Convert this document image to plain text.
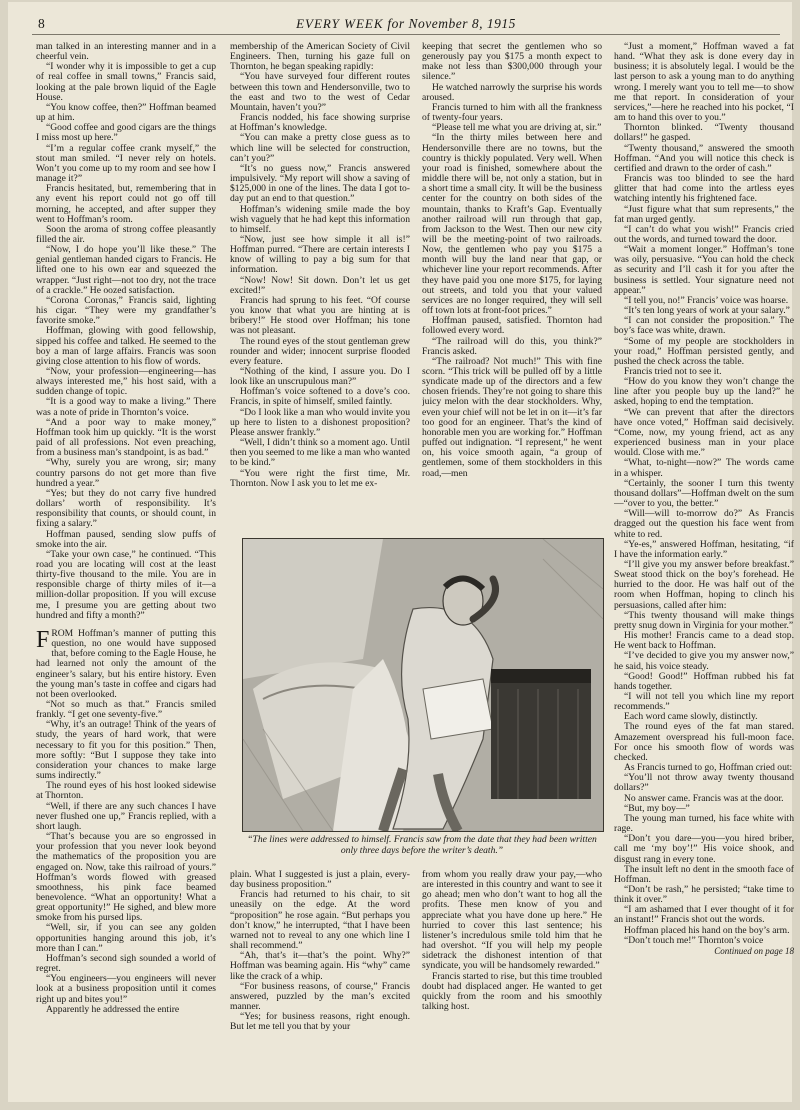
8	EVERY WEEK for November 8, 1915

man talked in an interesting manner and in a cheerful vein.

“I wonder why it is impossible to get a cup of real coffee in small towns,” Francis said, looking at the pale brown liquid of the Eagle House.

“You know coffee, then?” Hoffman beamed up at him.

“Good coffee and good cigars are the things I miss most up here.”

“I’m a regular coffee crank myself,” the stout man smiled. “I never rely on hotels. Won’t you come up to my room and see how I manage it?”

Francis hesitated, but, remembering that in any event his report could not go off till morning, he accepted, and after supper they went to Hoffman’s room.

Soon the aroma of strong coffee pleasantly filled the air.

“Now, I do hope you’ll like these.” The genial gentleman handed cigars to Francis. He lifted one to his own ear and squeezed the wrapper. “Just right—not too dry, not the trace of a crackle.” He oozed satisfaction.

“Corona Coronas,” Francis said, lighting his cigar. “They were my grandfather’s favorite smoke.”

Hoffman, glowing with good fellowship, sipped his coffee and talked. He seemed to the boy a man of large affairs. Francis was soon giving close attention to his flow of words.

“Now, your profession—engineering—has always interested me,” his host said, with a sudden change of topic.

“It is a good way to make a living.” There was a note of pride in Thornton’s voice.

“And a poor way to make money,” Hoffman took him up quickly. “It is the worst paid of all professions. Not even preaching, from a business man’s standpoint, is as bad.”

“Why, surely you are wrong, sir; many country parsons do not get more than five hundred a year.”

“Yes; but they do not carry five hundred dollars’ worth of responsibility. It’s responsibility that counts, or should count, in fixing a salary.”

Hoffman paused, sending slow puffs of smoke into the air.

“Take your own case,” he continued. “This road you are locating will cost at the least thirty-five thousand to the mile. You are in responsible charge of thirty miles of it—a million-dollar proposition. If you will excuse me, I presume you are getting about two hundred and fifty a month?”

FROM Hoffman’s manner of putting this question, no one would have supposed that, before coming to the Eagle House, he had learned not only the amount of the engineer’s salary, but his entire history. Even the young man’s taste in coffee and cigars had not been overlooked.

“Not so much as that.” Francis smiled frankly. “I get one seventy-five.”

“Why, it’s an outrage! Think of the years of study, the years of hard work, that were necessary to fit you for this position.” Then, more softly: “But I suppose they take into consideration your chances to make large sums indirectly.”

The round eyes of his host looked sidewise at Thornton.

“Well, if there are any such chances I have never flushed one up,” Francis replied, with a short laugh.

“That’s because you are so engrossed in your profession that you never look beyond the mathematics of the proposition you are engaged on. Now, take this railroad of yours.” Hoffman’s words flowed with greased smoothness, his pink face beamed benevolence. “What an opportunity! What a great opportunity!” He sighed, and blew more smoke from his pursed lips.

“Well, sir, if you can see any golden opportunities hanging around this job, it’s more than I can.”

Hoffman’s second sigh sounded a world of regret.

“You engineers—you engineers will never look at a business proposition until it comes right up and bites you!”

Apparently he addressed the entire

membership of the American Society of Civil Engineers. Then, turning his gaze full on Thornton, he began speaking rapidly:

“You have surveyed four different routes between this town and Hendersonville, two to the east and two to the west of Cedar Mountain, haven’t you?”

Francis nodded, his face showing surprise at Hoffman’s knowledge.

“You can make a pretty close guess as to which line will be selected for construction, can’t you?”

“It’s no guess now,” Francis answered impulsively. “My report will show a saving of $125,000 in one of the lines. The data I got to-day put an end to that question.”

Hoffman’s widening smile made the boy wish vaguely that he had kept this information to himself.

“Now, just see how simple it all is!” Hoffman purred. “There are certain interests I know of willing to pay a big sum for that information.

“Now! Now! Sit down. Don’t let us get excited!”

Francis had sprung to his feet. “Of course you know that what you are hinting at is bribery!” He stood over Hoffman; his tone was not pleasant.

The round eyes of the stout gentleman grew rounder and wider; innocent surprise flooded every feature.

“Nothing of the kind, I assure you. Do I look like an unscrupulous man?”

Hoffman’s voice softened to a dove’s coo. Francis, in spite of himself, smiled faintly.

“Do I look like a man who would invite you up here to listen to a dishonest proposition? Please answer frankly.”

“Well, I didn’t think so a moment ago. Until then you seemed to me like a man who wanted to be kind.”

“You were right the first time, Mr. Thornton. Now I ask you to let me ex-

keeping that secret the gentlemen who so generously pay you $175 a month expect to make not less than $300,000 through your silence.”

He watched narrowly the surprise his words aroused.

Francis turned to him with all the frankness of twenty-four years.

“Please tell me what you are driving at, sir.”

“In the thirty miles between here and Hendersonville there are no towns, but the country is thickly populated. Very well. When your road is finished, somewhere about the middle there will be, not only a station, but in a short time a small city. It will be the business center for the country on both sides of the mountain, thanks to Kraft’s Gap. Eventually another railroad will run through that gap, from Jackson to the West. Then our new city will be the meeting-point of two railroads. Now, the gentlemen who pay you $175 a month will buy the land near that gap, or whichever line your report recommends. After they have paid you one more $175, for laying out streets, and told you that your valued services are no longer required, they will sell off town lots at front-foot prices.”

Hoffman paused, satisfied. Thornton had followed every word.

“The railroad will do this, you think?” Francis asked.

“The railroad? Not much!” This with fine scorn. “This trick will be pulled off by a little syndicate made up of the directors and a few chosen friends. They’re not going to share this juicy melon with the dear stockholders. Why, even your chief will not be let in on it—it’s far too good for an engineer. That’s the kind of honorable men you are working for.” Hoffman puffed out indignation. “I represent,” he went on, his voice smooth again, “a group of gentlemen, some of them stockholders in this road,—men

“Just a moment,” Hoffman waved a fat hand. “What they ask is done every day in business; it is absolutely legal. I would be the last person to ask a young man to do anything wrong. I merely want you to tell me—to show me that report. In consideration of your services,”—here he reached into his pocket, “I am to hand this over to you.”

Thornton blinked. “Twenty thousand dollars!” he gasped.

“Twenty thousand,” answered the smooth Hoffman. “And you will notice this check is certified and drawn to the order of cash.”

Francis was too blinded to see the hard glitter that had come into the artless eyes watching intently his frightened face.

“Just figure what that sum represents,” the fat man urged gently.

“I can’t do what you wish!” Francis cried out the words, and turned toward the door.

“Wait a moment longer.” Hoffman’s tone was oily, persuasive. “You can hold the check as security and I’ll cash it for you after the business is settled. Your signature need not appear.”

“I tell you, no!” Francis’ voice was hoarse.

“It’s ten long years of work at your salary.”

“I can not consider the proposition.” The boy’s face was white, drawn.

“Some of my people are stockholders in your road,” Hoffman persisted gently, and pushed the check across the table.

Francis tried not to see it.

“How do you know they won’t change the line after you people buy up the land?” he asked, hoping to end the temptation.

“We can prevent that after the directors have once voted,” Hoffman said decisively. “Come, now, my young friend, act as any experienced business man in your place would. Close with me.”

“What, to-night—now?” The words came in a whisper.

“Certainly, the sooner I turn this twenty thousand dollars”—Hoffman dwelt on the sum—“over to you, the better.”

“Will—will to-morrow do?” As Francis dragged out the question his face went from white to red.

“Ye-es,” answered Hoffman, hesitating, “if I have the information early.”

“I’ll give you my answer before breakfast.” Sweat stood thick on the boy’s forehead. He hurried to the door. He was half out of the room when Hoffman, hoping to clinch his persuasions, called after him:

“This twenty thousand will make things pretty snug down in Virginia for your mother.”

His mother! Francis came to a dead stop. He went back to Hoffman.

“I’ve decided to give you my answer now,” he said, his voice steady.

“Good! Good!” Hoffman rubbed his fat hands together.

“I will not tell you which line my report recommends.”

Each word came slowly, distinctly.

The round eyes of the fat man stared. Amazement overspread his full-moon face. For once his smooth flow of words was checked.

As Francis turned to go, Hoffman cried out:

“You’ll not throw away twenty thousand dollars?”

No answer came. Francis was at the door.

“But, my boy—”

The young man turned, his face white with rage.

“Don’t you dare—you—you hired briber, call me ‘my boy’!” His voice shook, and disgust rang in every tone.

The insult left no dent in the smooth face of Hoffman.

“Don’t be rash,” he persisted; “take time to think it over.”

“I am ashamed that I ever thought of it for an instant!” Francis shot out the words.

Hoffman placed his hand on the boy’s arm.

“Don’t touch me!” Thornton’s voice

Continued on page 18

“The lines were addressed to himself. Francis saw from the date that they had been written only three days before the writer’s death.”

plain. What I suggested is just a plain, every-day business proposition.”

Francis had returned to his chair, to sit uneasily on the edge. At the word “proposition” he rose again. “But perhaps you don’t know,” he interrupted, “that I have been warned not to reveal to any one which line I shall recommend.”

“Ah, that’s it—that’s the point. Why?” Hoffman was beaming again. His “why” came like the crack of a whip.

“For business reasons, of course,” Francis answered, puzzled by the man’s excited manner.

“Yes; for business reasons, right enough. But let me tell you that by your

from whom you really draw your pay,—who are interested in this country and want to see it go ahead; men who don’t want to hog all the profits. These men know of you and appreciate what you have done up here.” He hurried to cover this last sentence; his listener’s incredulous smile told him that he had overshot. “If you will help my people sidetrack the dishonest intention of that syndicate, you will be handsomely rewarded.”

Francis started to rise, but this time troubled doubt had displaced anger. He wanted to get quickly from the room and his smoothly talking host.
